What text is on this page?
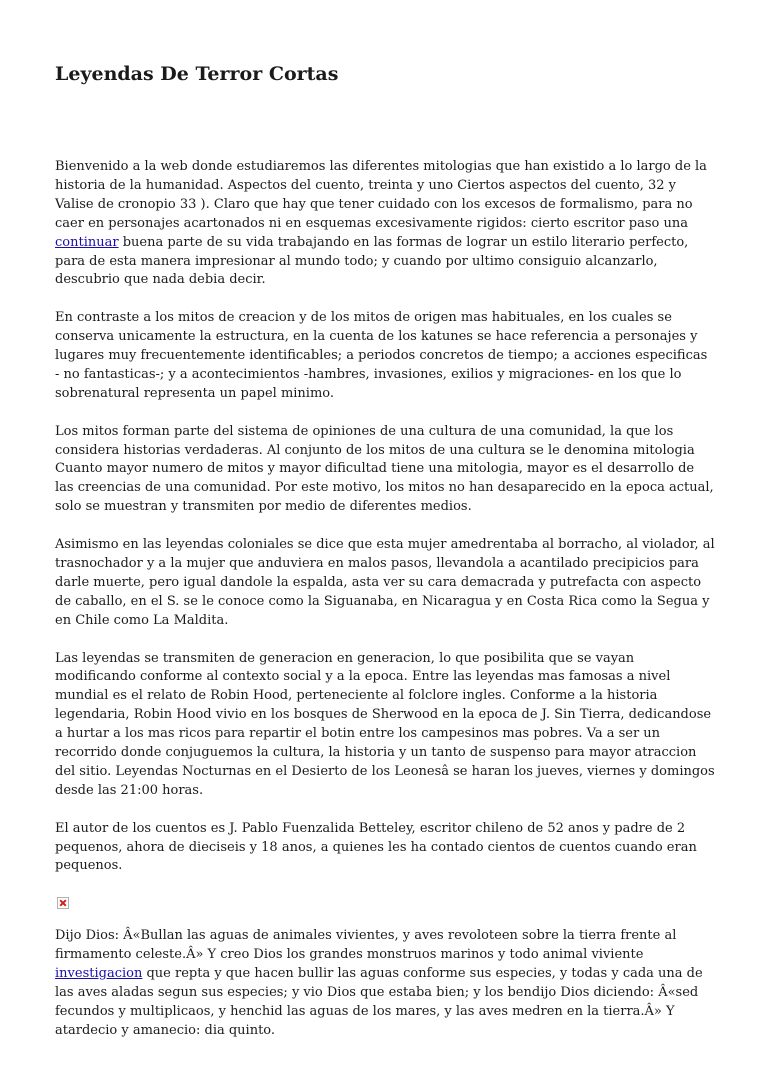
Leyendas De Terror Cortas

Bienvenido a la web donde estudiaremos las diferentes mitologias que han existido a lo largo de la historia de la humanidad. Aspectos del cuento, treinta y uno Ciertos aspectos del cuento, 32 y Valise de cronopio 33 ). Claro que hay que tener cuidado con los excesos de formalismo, para no caer en personajes acartonados ni en esquemas excesivamente rigidos: cierto escritor paso una continuar buena parte de su vida trabajando en las formas de lograr un estilo literario perfecto, para de esta manera impresionar al mundo todo; y cuando por ultimo consiguio alcanzarlo, descubrio que nada debia decir.

En contraste a los mitos de creacion y de los mitos de origen mas habituales, en los cuales se conserva unicamente la estructura, en la cuenta de los katunes se hace referencia a personajes y lugares muy frecuentemente identificables; a periodos concretos de tiempo; a acciones especificas - no fantasticas-; y a acontecimientos -hambres, invasiones, exilios y migraciones- en los que lo sobrenatural representa un papel minimo.

Los mitos forman parte del sistema de opiniones de una cultura de una comunidad, la que los considera historias verdaderas. Al conjunto de los mitos de una cultura se le denomina mitologia Cuanto mayor numero de mitos y mayor dificultad tiene una mitologia, mayor es el desarrollo de las creencias de una comunidad. Por este motivo, los mitos no han desaparecido en la epoca actual, solo se muestran y transmiten por medio de diferentes medios.

Asimismo en las leyendas coloniales se dice que esta mujer amedrentaba al borracho, al violador, al trasnochador y a la mujer que anduviera en malos pasos, llevandola a acantilado precipicios para darle muerte, pero igual dandole la espalda, asta ver su cara demacrada y putrefacta con aspecto de caballo, en el S. se le conoce como la Siguanaba, en Nicaragua y en Costa Rica como la Segua y en Chile como La Maldita.

Las leyendas se transmiten de generacion en generacion, lo que posibilita que se vayan modificando conforme al contexto social y a la epoca. Entre las leyendas mas famosas a nivel mundial es el relato de Robin Hood, perteneciente al folclore ingles. Conforme a la historia legendaria, Robin Hood vivio en los bosques de Sherwood en la epoca de J. Sin Tierra, dedicandose a hurtar a los mas ricos para repartir el botin entre los campesinos mas pobres. Va a ser un recorrido donde conjuguemos la cultura, la historia y un tanto de suspenso para mayor atraccion del sitio. Leyendas Nocturnas en el Desierto de los Leonesâ se haran los jueves, viernes y domingos desde las 21:00 horas.

El autor de los cuentos es J. Pablo Fuenzalida Betteley, escritor chileno de 52 anos y padre de 2 pequenos, ahora de dieciseis y 18 anos, a quienes les ha contado cientos de cuentos cuando eran pequenos.

Dijo Dios: Â«Bullan las aguas de animales vivientes, y aves revoloteen sobre la tierra frente al firmamento celeste.Â» Y creo Dios los grandes monstruos marinos y todo animal viviente investigacion que repta y que hacen bullir las aguas conforme sus especies, y todas y cada una de las aves aladas segun sus especies; y vio Dios que estaba bien; y los bendijo Dios diciendo: Â«sed fecundos y multiplicaos, y henchid las aguas de los mares, y las aves medren en la tierra.Â» Y atardecio y amanecio: dia quinto.
